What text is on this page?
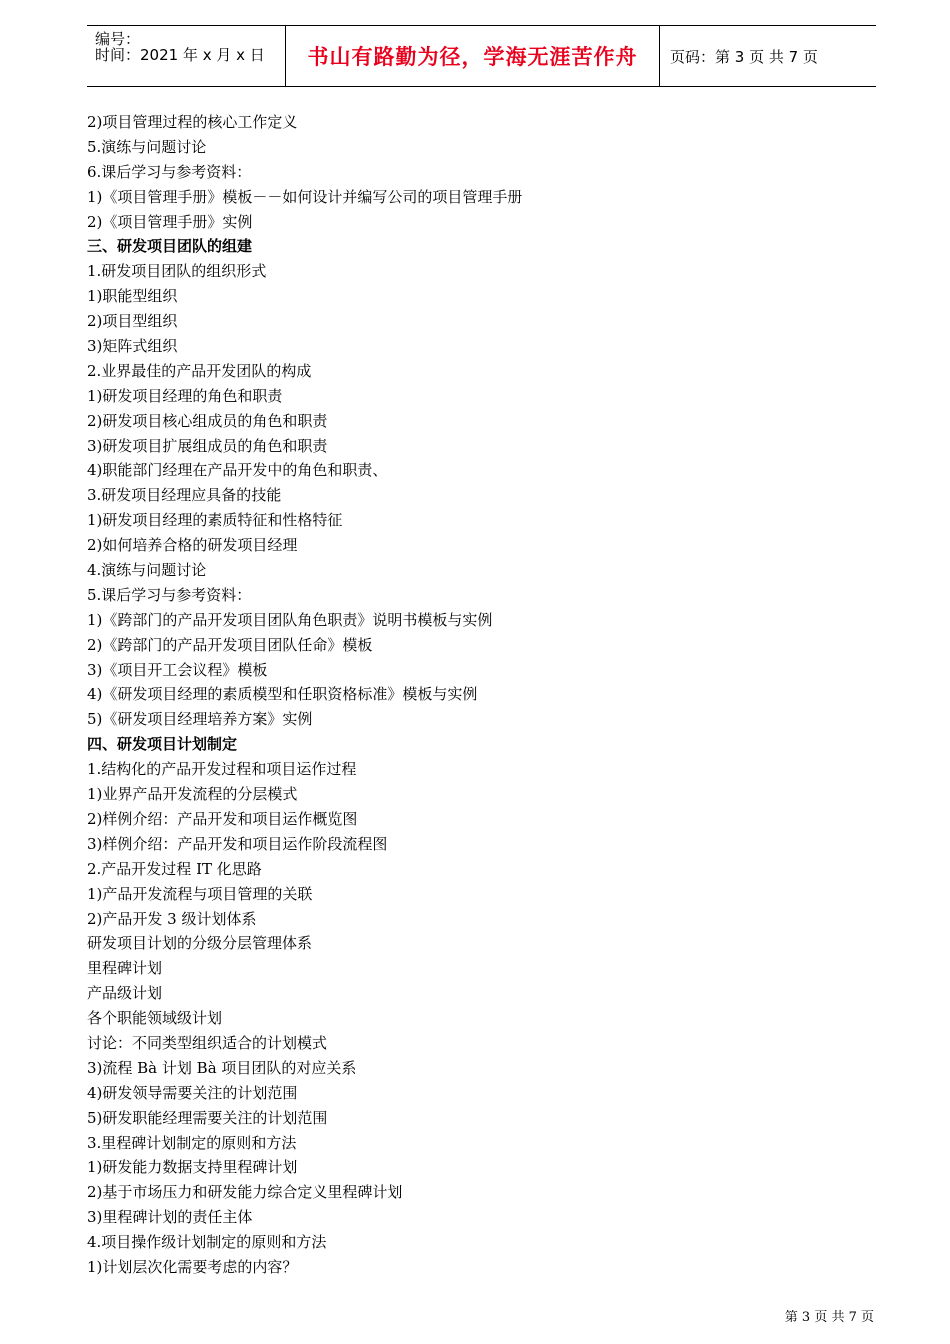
编号：
时间：2021 年 x 月 x 日 书山有路勤为径，学海无涯苦作舟 页码：第 3 页 共 7 页
2)项目管理过程的核心工作定义
5.演练与问题讨论
6.课后学习与参考资料：
1)《项目管理手册》模板－－如何设计并编写公司的项目管理手册
2)《项目管理手册》实例
三、研发项目团队的组建
1.研发项目团队的组织形式
1)职能型组织
2)项目型组织
3)矩阵式组织
2.业界最佳的产品开发团队的构成
1)研发项目经理的角色和职责
2)研发项目核心组成员的角色和职责
3)研发项目扩展组成员的角色和职责
4)职能部门经理在产品开发中的角色和职责、
3.研发项目经理应具备的技能
1)研发项目经理的素质特征和性格特征
2)如何培养合格的研发项目经理
4.演练与问题讨论
5.课后学习与参考资料：
1)《跨部门的产品开发项目团队角色职责》说明书模板与实例
2)《跨部门的产品开发项目团队任命》模板
3)《项目开工会议程》模板
4)《研发项目经理的素质模型和任职资格标准》模板与实例
5)《研发项目经理培养方案》实例
四、研发项目计划制定
1.结构化的产品开发过程和项目运作过程
1)业界产品开发流程的分层模式
2)样例介绍：产品开发和项目运作概览图
3)样例介绍：产品开发和项目运作阶段流程图
2.产品开发过程 IT 化思路
1)产品开发流程与项目管理的关联
2)产品开发 3 级计划体系
研发项目计划的分级分层管理体系
里程碑计划
产品级计划
各个职能领域级计划
讨论：不同类型组织适合的计划模式
3)流程 Bà 计划 Bà 项目团队的对应关系
4)研发领导需要关注的计划范围
5)研发职能经理需要关注的计划范围
3.里程碑计划制定的原则和方法
1)研发能力数据支持里程碑计划
2)基于市场压力和研发能力综合定义里程碑计划
3)里程碑计划的责任主体
4.项目操作级计划制定的原则和方法
1)计划层次化需要考虑的内容？
第 3 页 共 7 页
